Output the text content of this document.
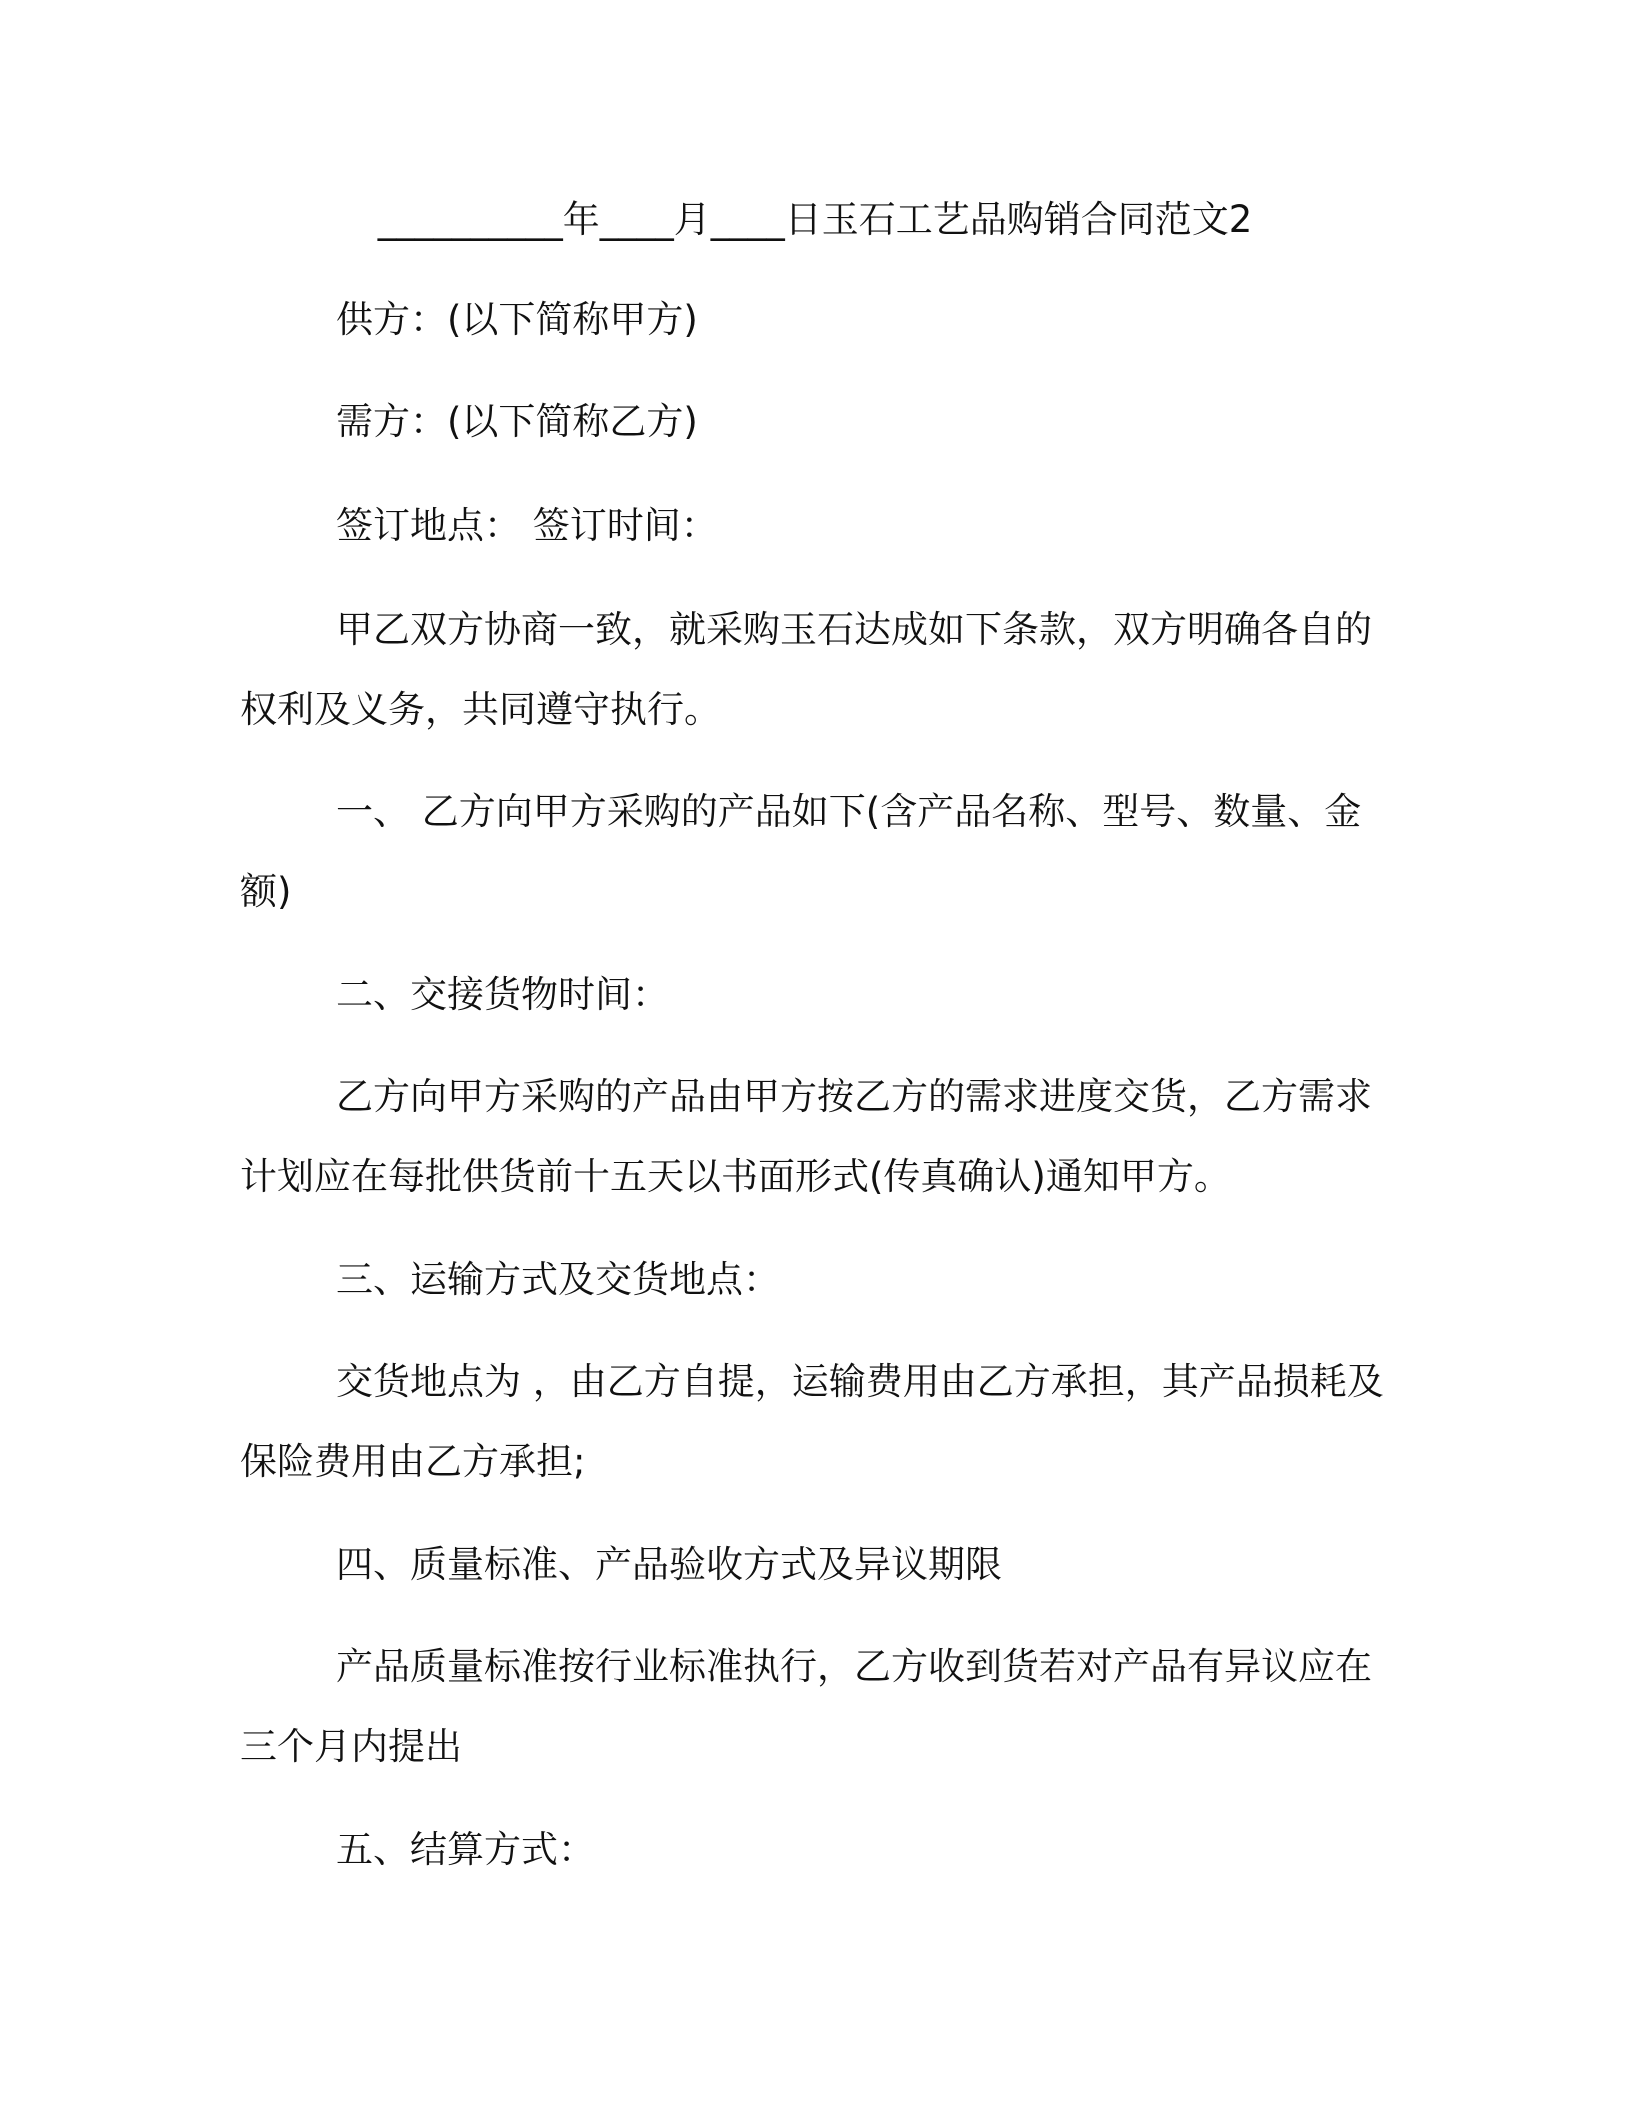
__________年____月____日玉石工艺品购销合同范文2
供方：(以下简称甲方)
需方：(以下简称乙方)
签订地点： 签订时间：
甲乙双方协商一致，就采购玉石达成如下条款，双方明确各自的权利及义务，共同遵守执行。
一、 乙方向甲方采购的产品如下(含产品名称、型号、数量、金额)
二、交接货物时间：
乙方向甲方采购的产品由甲方按乙方的需求进度交货，乙方需求计划应在每批供货前十五天以书面形式(传真确认)通知甲方。
三、运输方式及交货地点：
交货地点为 ，由乙方自提，运输费用由乙方承担，其产品损耗及保险费用由乙方承担;
四、质量标准、产品验收方式及异议期限
产品质量标准按行业标准执行，乙方收到货若对产品有异议应在三个月内提出
五、结算方式：
